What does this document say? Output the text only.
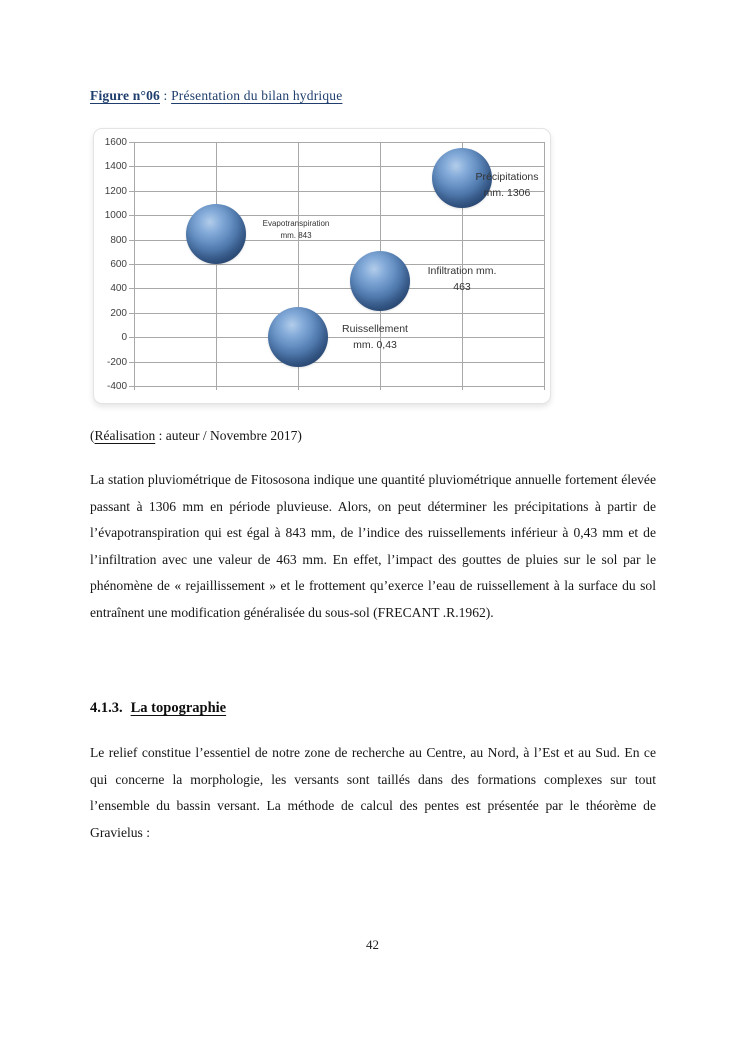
Figure n°06 : Présentation du bilan hydrique
Evapotranspiration
mm. 843
Ruissellement
mm. 0,43
Infiltration mm.
463
Précipitations
mm. 1306
1600
1400
1200
1000
800
600
400
200
0
-200
-400

(Réalisation : auteur / Novembre 2017)

La station pluviométrique de Fitososona indique une quantité pluviométrique annuelle fortement élevée passant à 1306 mm en période pluvieuse. Alors, on peut déterminer les précipitations à partir de l’évapotranspiration qui est égal à 843 mm, de l’indice des ruissellements inférieur à 0,43 mm et de l’infiltration avec une valeur de 463 mm. En effet, l’impact des gouttes de pluies sur le sol par le phénomène de « rejaillissement » et le frottement qu’exerce l’eau de ruissellement à la surface du sol entraînent une modification généralisée du sous-sol (FRECANT .R.1962).

4.1.3. La topographie

Le relief constitue l’essentiel de notre zone de recherche au Centre, au Nord, à l’Est et au Sud. En ce qui concerne la morphologie, les versants sont taillés dans des formations complexes sur tout l’ensemble du bassin versant. La méthode de calcul des pentes est présentée par le théorème de Gravielus :

42
